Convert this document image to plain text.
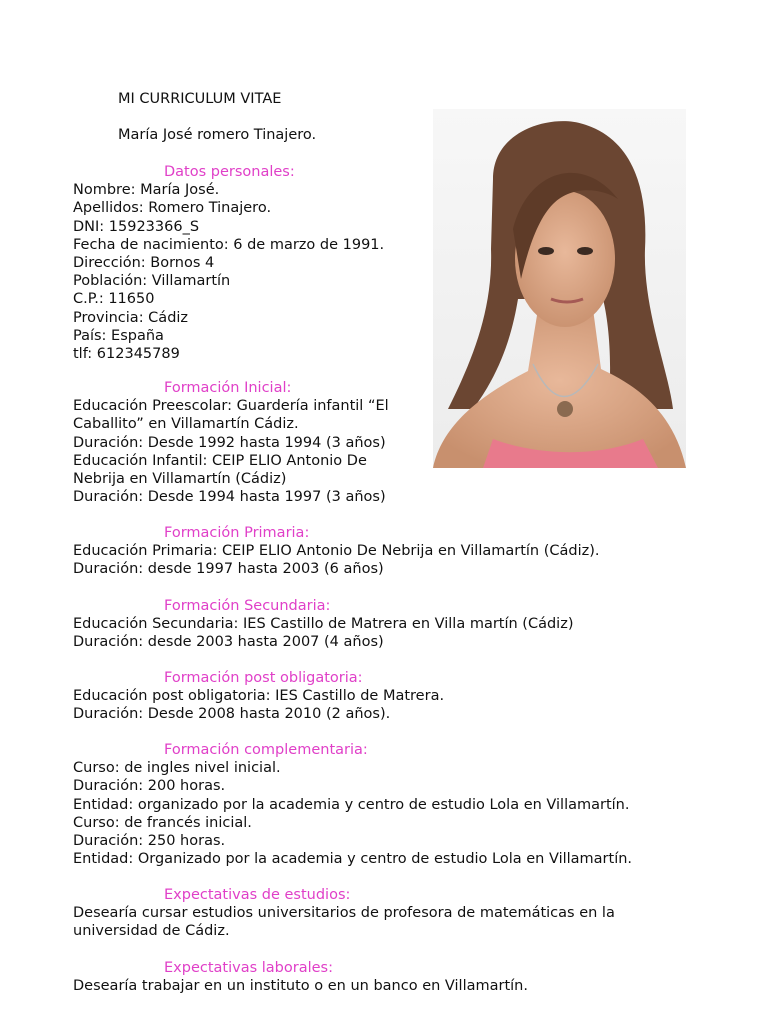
MI CURRICULUM VITAE
María José romero Tinajero.
Datos personales:
Nombre: María José.
Apellidos: Romero Tinajero.
DNI: 15923366_S
Fecha de nacimiento: 6 de marzo de 1991.
Dirección: Bornos 4
Población: Villamartín
C.P.: 11650
Provincia: Cádiz
País: España
tlf: 612345789
Formación Inicial:
Educación Preescolar: Guardería infantil “El
Caballito” en Villamartín Cádiz.
Duración: Desde 1992 hasta 1994 (3 años)
Educación Infantil: CEIP ELIO Antonio De
Nebrija en Villamartín (Cádiz)
Duración: Desde 1994 hasta 1997 (3 años)
Formación Primaria:
Educación Primaria: CEIP ELIO Antonio De Nebrija en Villamartín (Cádiz).
Duración: desde 1997 hasta 2003 (6 años)
Formación Secundaria:
Educación Secundaria: IES Castillo de Matrera en Villa martín (Cádiz)
Duración: desde 2003 hasta 2007 (4 años)
Formación post obligatoria:
Educación post obligatoria: IES Castillo de Matrera.
Duración: Desde 2008 hasta 2010 (2 años).
Formación complementaria:
Curso: de ingles nivel inicial.
Duración: 200 horas.
Entidad: organizado por la academia y centro de estudio Lola en Villamartín.
Curso: de francés inicial.
Duración: 250 horas.
Entidad: Organizado por la academia y centro de estudio Lola en Villamartín.
Expectativas de estudios:
Desearía cursar estudios universitarios de profesora de matemáticas en la
universidad de Cádiz.
Expectativas laborales:
Desearía trabajar en un instituto o en un banco en Villamartín.
